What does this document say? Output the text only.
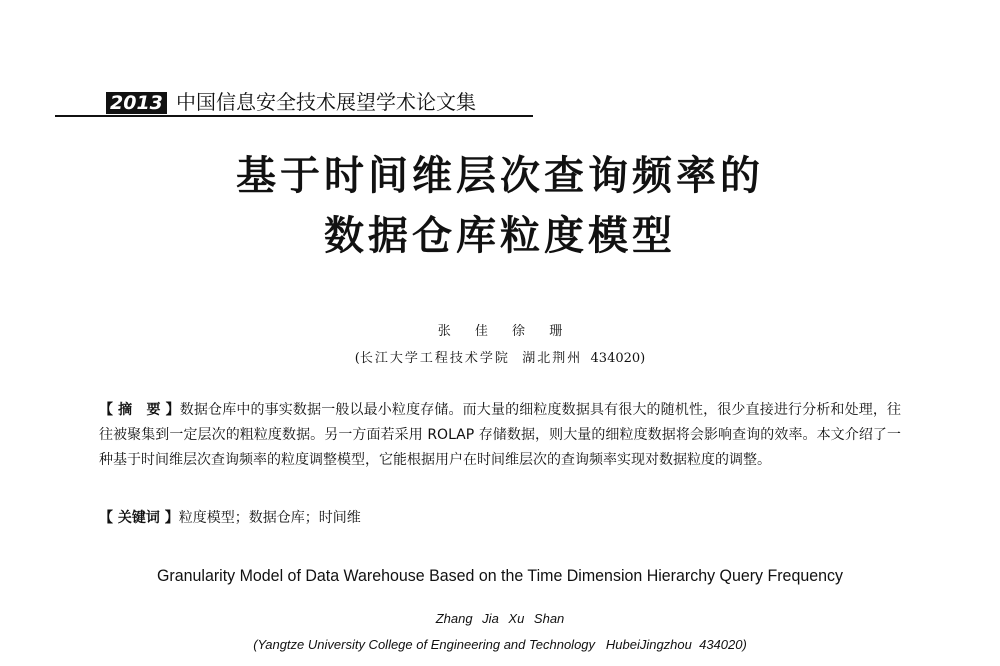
2013 中国信息安全技术展望学术论文集
基于时间维层次查询频率的
数据仓库粒度模型
张 佳 徐 珊
(长江大学工程技术学院 湖北荆州 434020)
【 摘　要 】数据仓库中的事实数据一般以最小粒度存储。而大量的细粒度数据具有很大的随机性，很少直接进行分析和处理，往往被聚集到一定层次的粗粒度数据。另一方面若采用 ROLAP 存储数据，则大量的细粒度数据将会影响查询的效率。本文介绍了一种基于时间维层次查询频率的粒度调整模型，它能根据用户在时间维层次的查询频率实现对数据粒度的调整。
【 关键词 】粒度模型；数据仓库；时间维
Granularity Model of Data Warehouse Based on the Time Dimension Hierarchy Query Frequency
Zhang Jia Xu Shan
(Yangtze University College of Engineering and Technology   HubeiJingzhou  434020)
